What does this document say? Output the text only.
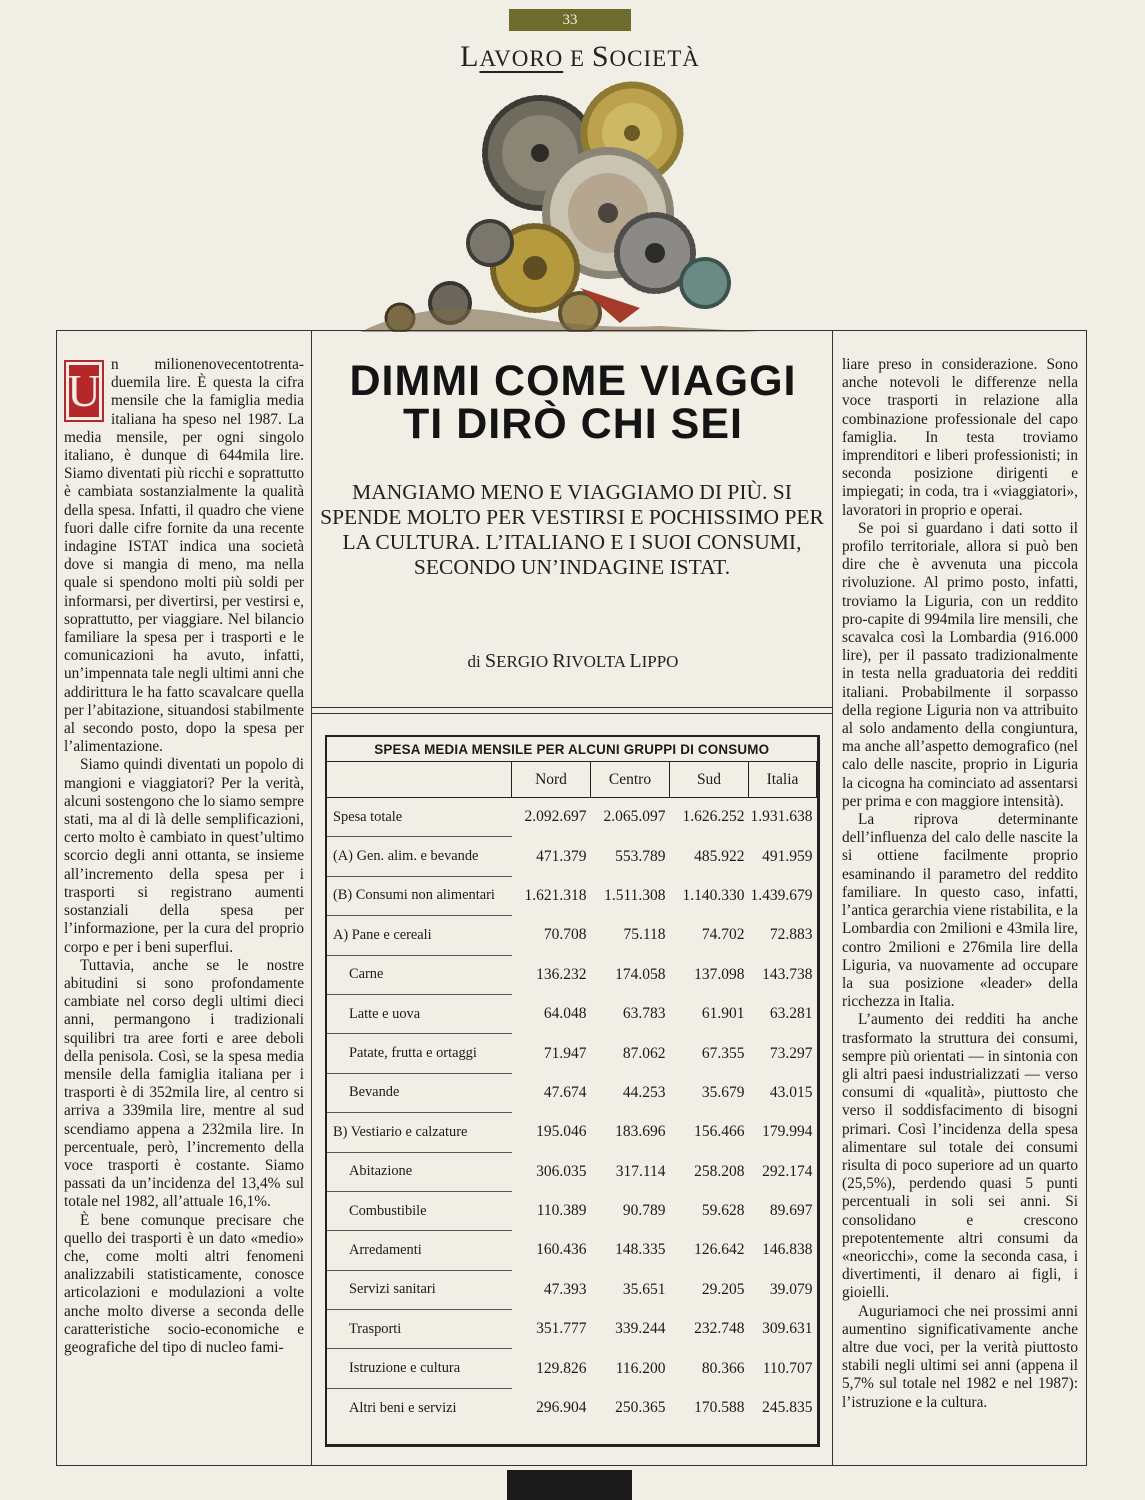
33
LAVORO E SOCIETÀ
U

n milionenovecentotrenta-duemila lire. È questa la cifra mensile che la famiglia media italiana ha speso nel 1987. La media mensile, per ogni singolo italiano, è dunque di 644mila lire. Siamo diventati più ricchi e soprattutto è cambiata sostanzialmente la qualità della spesa. Infatti, il quadro che viene fuori dalle cifre fornite da una recente indagine ISTAT indica una società dove si mangia di meno, ma nella quale si spendono molti più soldi per informarsi, per divertirsi, per vestirsi e, soprattutto, per viaggiare. Nel bilancio familiare la spesa per i trasporti e le comunicazioni ha avuto, infatti, un’impennata tale negli ultimi anni che addirittura le ha fatto scavalcare quella per l’abitazione, situandosi stabilmente al secondo posto, dopo la spesa per l’alimentazione.

Siamo quindi diventati un popolo di mangioni e viaggiatori? Per la verità, alcuni sostengono che lo siamo sempre stati, ma al di là delle semplificazioni, certo molto è cambiato in quest’ultimo scorcio degli anni ottanta, se insieme all’incremento della spesa per i trasporti si registrano aumenti sostanziali della spesa per l’informazione, per la cura del proprio corpo e per i beni superflui.

Tuttavia, anche se le nostre abitudini si sono profondamente cambiate nel corso degli ultimi dieci anni, permangono i tradizionali squilibri tra aree forti e aree deboli della penisola. Così, se la spesa media mensile della famiglia italiana per i trasporti è di 352mila lire, al centro si arriva a 339mila lire, mentre al sud scendiamo appena a 232mila lire. In percentuale, però, l’incremento della voce trasporti è costante. Siamo passati da un’incidenza del 13,4% sul totale nel 1982, all’attuale 16,1%.

È bene comunque precisare che quello dei trasporti è un dato «medio» che, come molti altri fenomeni analizzabili statisticamente, conosce articolazioni e modulazioni a volte anche molto diverse a seconda delle caratteristiche socio-economiche e geografiche del tipo di nucleo fami-

DIMMI COME VIAGGI
TI DIRÒ CHI SEI
MANGIAMO MENO E VIAGGIAMO DI PIÙ. SI SPENDE MOLTO PER VESTIRSI E POCHISSIMO PER LA CULTURA. L’ITALIANO E I SUOI CONSUMI, SECONDO UN’INDAGINE ISTAT.
di SERGIO RIVOLTA LIPPO
SPESA MEDIA MENSILE PER ALCUNI GRUPPI DI CONSUMO				
	Nord	Centro	Sud	Italia
Spesa totale	2.092.697	2.065.097	1.626.252	1.931.638
(A) Gen. alim. e bevande	471.379	553.789	485.922	491.959
(B) Consumi non alimentari	1.621.318	1.511.308	1.140.330	1.439.679
A) Pane e cereali	70.708	75.118	74.702	72.883
Carne	136.232	174.058	137.098	143.738
Latte e uova	64.048	63.783	61.901	63.281
Patate, frutta e ortaggi	71.947	87.062	67.355	73.297
Bevande	47.674	44.253	35.679	43.015
B) Vestiario e calzature	195.046	183.696	156.466	179.994
Abitazione	306.035	317.114	258.208	292.174
Combustibile	110.389	90.789	59.628	89.697
Arredamenti	160.436	148.335	126.642	146.838
Servizi sanitari	47.393	35.651	29.205	39.079
Trasporti	351.777	339.244	232.748	309.631
Istruzione e cultura	129.826	116.200	80.366	110.707
Altri beni e servizi	296.904	250.365	170.588	245.835

liare preso in considerazione. Sono anche notevoli le differenze nella voce trasporti in relazione alla combinazione professionale del capo famiglia. In testa troviamo imprenditori e liberi professionisti; in seconda posizione dirigenti e impiegati; in coda, tra i «viaggiatori», lavoratori in proprio e operai.

Se poi si guardano i dati sotto il profilo territoriale, allora si può ben dire che è avvenuta una piccola rivoluzione. Al primo posto, infatti, troviamo la Liguria, con un reddito pro-capite di 994mila lire mensili, che scavalca così la Lombardia (916.000 lire), per il passato tradizionalmente in testa nella graduatoria dei redditi italiani. Probabilmente il sorpasso della regione Liguria non va attribuito al solo andamento della congiuntura, ma anche all’aspetto demografico (nel calo delle nascite, proprio in Liguria la cicogna ha cominciato ad assentarsi per prima e con maggiore intensità).

La riprova determinante dell’influenza del calo delle nascite la si ottiene facilmente proprio esaminando il parametro del reddito familiare. In questo caso, infatti, l’antica gerarchia viene ristabilita, e la Lombardia con 2milioni e 43mila lire, contro 2milioni e 276mila lire della Liguria, va nuovamente ad occupare la sua posizione «leader» della ricchezza in Italia.

L’aumento dei redditi ha anche trasformato la struttura dei consumi, sempre più orientati — in sintonia con gli altri paesi industrializzati — verso consumi di «qualità», piuttosto che verso il soddisfacimento di bisogni primari. Così l’incidenza della spesa alimentare sul totale dei consumi risulta di poco superiore ad un quarto (25,5%), perdendo quasi 5 punti percentuali in soli sei anni. Si consolidano e crescono prepotentemente altri consumi da «neoricchi», come la seconda casa, i divertimenti, il denaro ai figli, i gioielli.

Auguriamoci che nei prossimi anni aumentino significativamente anche altre due voci, per la verità piuttosto stabili negli ultimi sei anni (appena il 5,7% sul totale nel 1982 e nel 1987): l’istruzione e la cultura.
